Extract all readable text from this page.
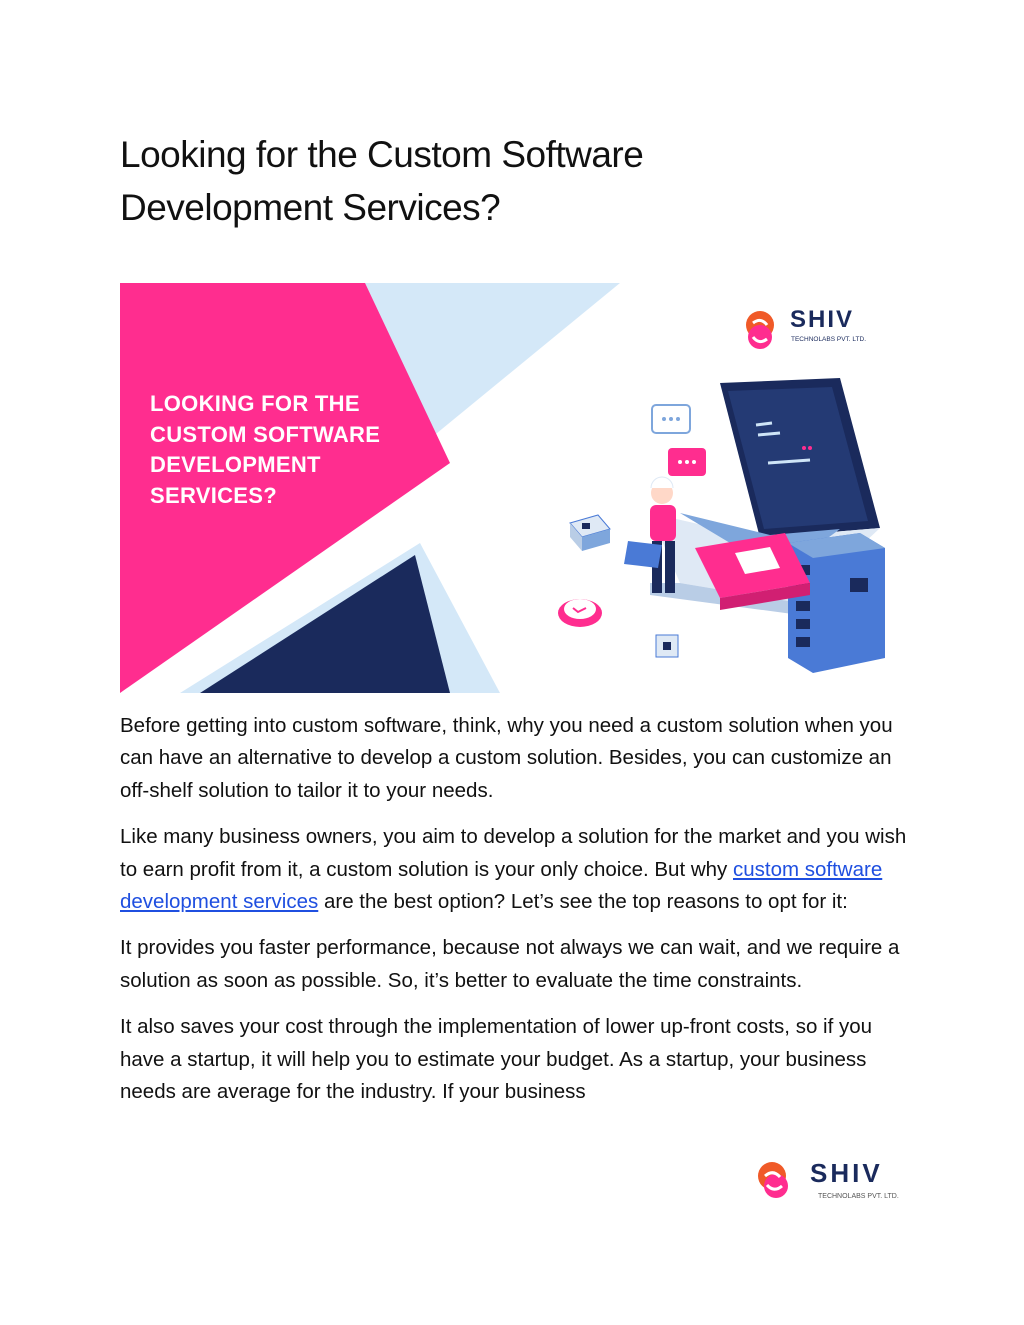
Looking for the Custom Software
Development Services?
SHIV
TECHNOLABS PVT. LTD.
LOOKING FOR THE
CUSTOM SOFTWARE
DEVELOPMENT
SERVICES?

Before getting into custom software, think, why you need a custom solution when you can have an alternative to develop a custom solution. Besides, you can customize an off-shelf solution to tailor it to your needs.

Like many business owners, you aim to develop a solution for the market and you wish to earn profit from it, a custom solution is your only choice. But why custom software development services are the best option? Let’s see the top reasons to opt for it:

It provides you faster performance, because not always we can wait, and we require a solution as soon as possible. So, it’s better to evaluate the time constraints.

It also saves your cost through the implementation of lower up-front costs, so if you have a startup, it will help you to estimate your budget. As a startup, your business needs are average for the industry. If your business

SHIV
TECHNOLABS PVT. LTD.
